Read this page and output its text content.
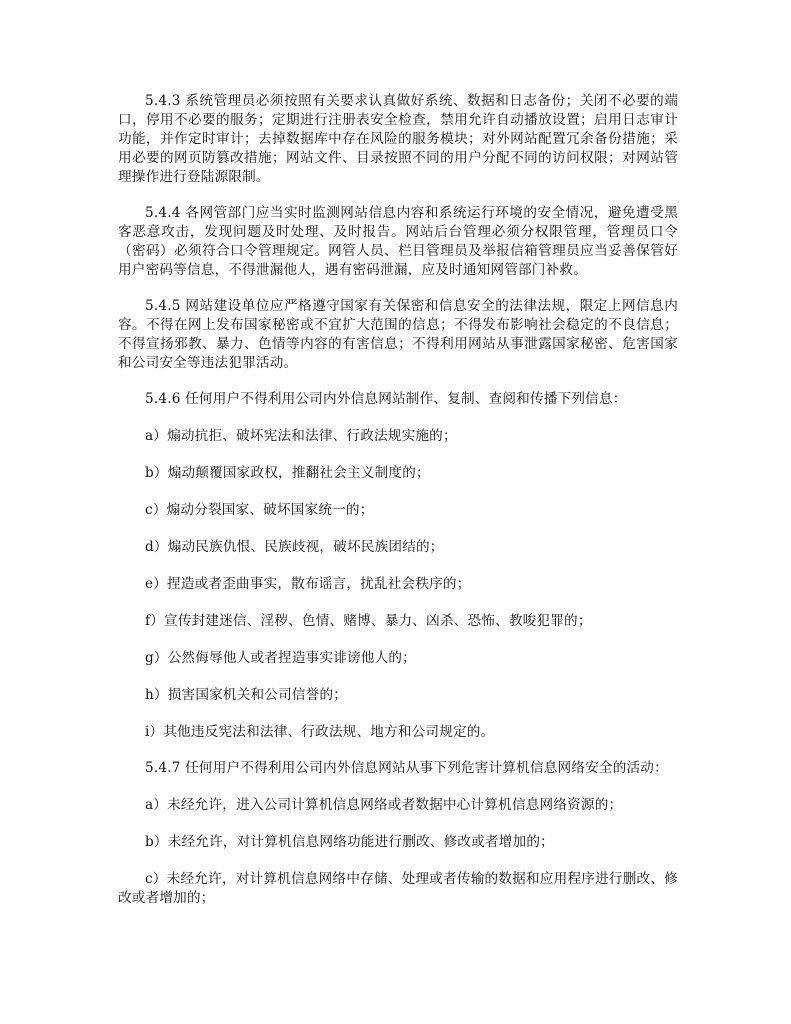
5.4.3 系统管理员必须按照有关要求认真做好系统、数据和日志备份；关闭不必要的端口，停用不必要的服务；定期进行注册表安全检查，禁用允许自动播放设置；启用日志审计功能，并作定时审计；去掉数据库中存在风险的服务模块；对外网站配置冗余备份措施；采用必要的网页防篡改措施；网站文件、目录按照不同的用户分配不同的访问权限；对网站管理操作进行登陆源限制。

5.4.4 各网管部门应当实时监测网站信息内容和系统运行环境的安全情况，避免遭受黑客恶意攻击，发现问题及时处理、及时报告。网站后台管理必须分权限管理，管理员口令（密码）必须符合口令管理规定。网管人员、栏目管理员及举报信箱管理员应当妥善保管好用户密码等信息，不得泄漏他人，遇有密码泄漏，应及时通知网管部门补救。

5.4.5 网站建设单位应严格遵守国家有关保密和信息安全的法律法规，限定上网信息内容。不得在网上发布国家秘密或不宜扩大范围的信息；不得发布影响社会稳定的不良信息；不得宣扬邪教、暴力、色情等内容的有害信息；不得利用网站从事泄露国家秘密、危害国家和公司安全等违法犯罪活动。

5.4.6 任何用户不得利用公司内外信息网站制作、复制、查阅和传播下列信息：

a）煽动抗拒、破坏宪法和法律、行政法规实施的；

b）煽动颠覆国家政权，推翻社会主义制度的；

c）煽动分裂国家、破坏国家统一的；

d）煽动民族仇恨、民族歧视，破坏民族团结的；

e）捏造或者歪曲事实，散布谣言，扰乱社会秩序的；

f）宣传封建迷信、淫秽、色情、赌博、暴力、凶杀、恐怖、教唆犯罪的；

g）公然侮辱他人或者捏造事实诽谤他人的；

h）损害国家机关和公司信誉的；

i）其他违反宪法和法律、行政法规、地方和公司规定的。

5.4.7 任何用户不得利用公司内外信息网站从事下列危害计算机信息网络安全的活动：

a）未经允许，进入公司计算机信息网络或者数据中心计算机信息网络资源的；

b）未经允许，对计算机信息网络功能进行删改、修改或者增加的；

c）未经允许，对计算机信息网络中存储、处理或者传输的数据和应用程序进行删改、修改或者增加的；
